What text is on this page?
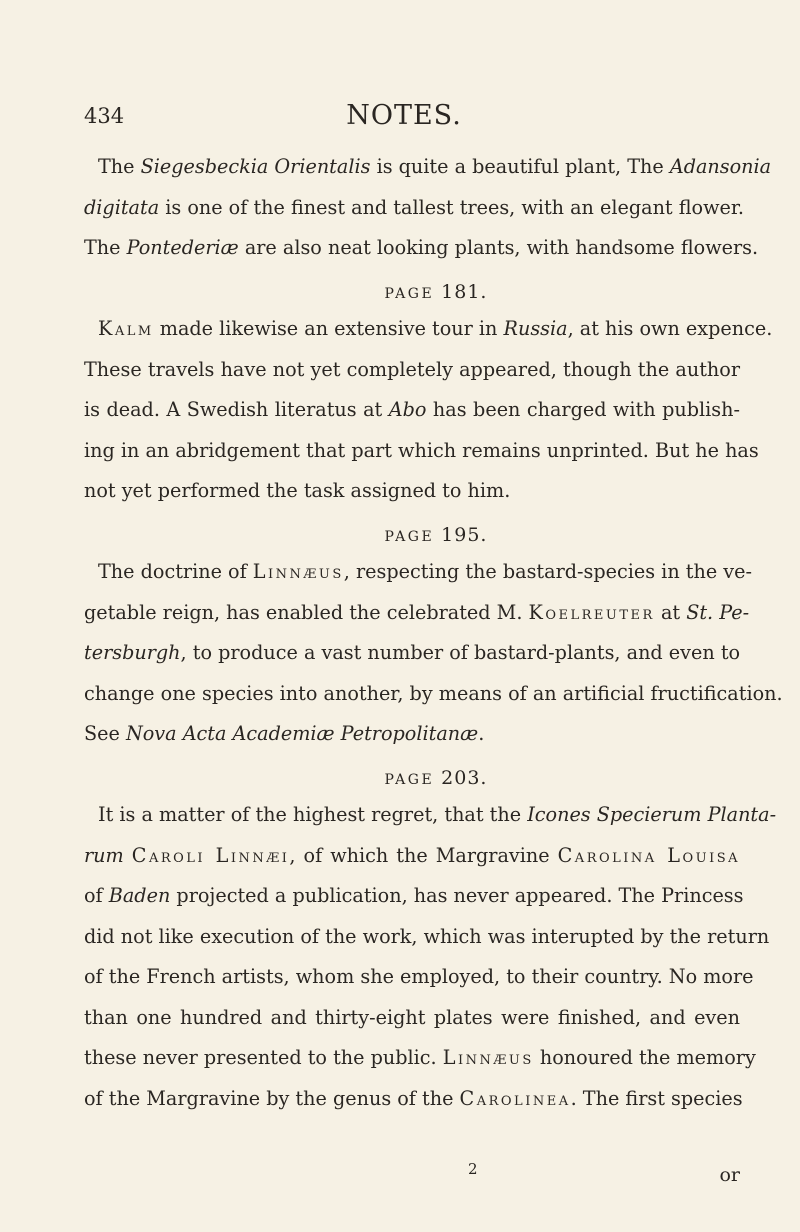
434	NOTES.
The Siegesbeckia Orientalis is quite a beautiful plant, The Adansonia
digitata is one of the finest and tallest trees, with an elegant flower.
The Pontederiæ are also neat looking plants, with handsome flowers.
PAGE 181.
Kalm made likewise an extensive tour in Russia, at his own expence.
These travels have not yet completely appeared, though the author
is dead. A Swedish literatus at Abo has been charged with publish-
ing in an abridgement that part which remains unprinted. But he has
not yet performed the task assigned to him.
PAGE 195.
The doctrine of Linnæus, respecting the bastard-species in the ve-
getable reign, has enabled the celebrated M. Koelreuter at St. Pe-
tersburgh, to produce a vast number of bastard-plants, and even to
change one species into another, by means of an artificial fructification.
See Nova Acta Academiæ Petropolitanæ.
PAGE 203.
It is a matter of the highest regret, that the Icones Specierum Planta-
rum Caroli Linnæi, of which the Margravine Carolina Louisa
of Baden projected a publication, has never appeared. The Princess
did not like execution of the work, which was interupted by the return
of the French artists, whom she employed, to their country. No more
than one hundred and thirty-eight plates were finished, and even
these never presented to the public. Linnæus honoured the memory
of the Margravine by the genus of the Carolinea. The first species
2	or
